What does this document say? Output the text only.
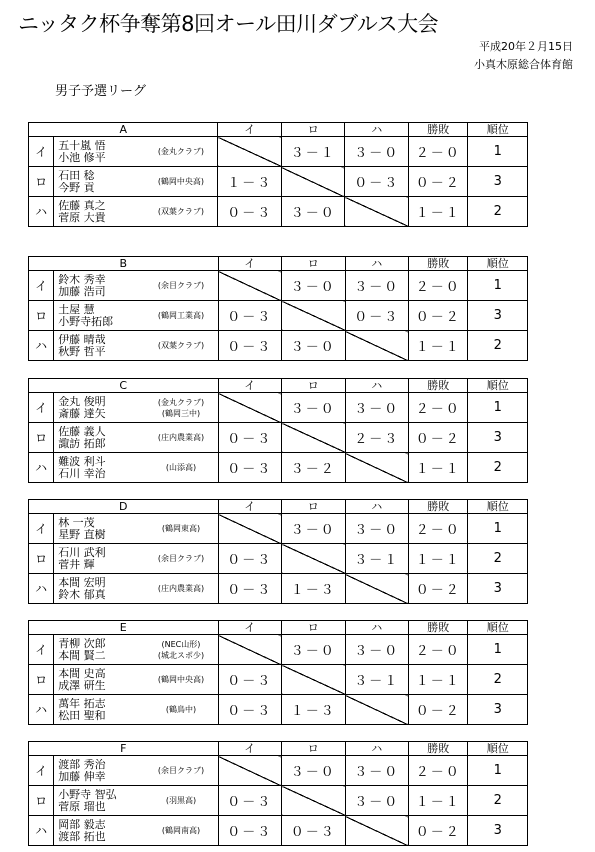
ニッタク杯争奪第8回オール田川ダブルス大会
平成20年２月15日
小真木原総合体育館
男子予選リーグ
A			イ	ロ	ハ	勝敗	順位
イ	五十嵐 悟
小池 修平	(金丸クラブ)		３－１	３－０	２－０	1
ロ	石田 稔
今野 貢	(鶴岡中央高)	１－３		０－３	０－２	3
ハ	佐藤 真之
菅原 大貴	(双葉クラブ)	０－３	３－０		１－１	2
B			イ	ロ	ハ	勝敗	順位
イ	鈴木 秀幸
加藤 浩司	(余目クラブ)		３－０	３－０	２－０	1
ロ	土屋 慧
小野寺拓郎	(鶴岡工業高)	０－３		０－３	０－２	3
ハ	伊藤 晴哉
秋野 哲平	(双葉クラブ)	０－３	３－０		１－１	2
C			イ	ロ	ハ	勝敗	順位
イ	金丸 俊明
斎藤 達矢	(金丸クラブ)
(鶴岡三中)		３－０	３－０	２－０	1
ロ	佐藤 義人
諏訪 拓郎	(庄内農業高)	０－３		２－３	０－２	3
ハ	難波 利斗
石川 幸治	(山添高)	０－３	３－２		１－１	2
D			イ	ロ	ハ	勝敗	順位
イ	林 一茂
星野 直樹	(鶴岡東高)		３－０	３－０	２－０	1
ロ	石川 武利
菅井 輝	(余目クラブ)	０－３		３－１	１－１	2
ハ	本間 宏明
鈴木 郁真	(庄内農業高)	０－３	１－３		０－２	3
E			イ	ロ	ハ	勝敗	順位
イ	青柳 次郎
本間 賢二	(NEC山形)
(城北スポ少)		３－０	３－０	２－０	1
ロ	本間 史高
成澤 研生	(鶴岡中央高)	０－３		３－１	１－１	2
ハ	萬年 拓志
松田 聖和	(鶴鳥中)	０－３	１－３		０－２	3
F			イ	ロ	ハ	勝敗	順位
イ	渡部 秀治
加藤 伸幸	(余目クラブ)		３－０	３－０	２－０	1
ロ	小野寺 智弘
菅原 瑠也	(羽黒高)	０－３		３－０	１－１	2
ハ	岡部 毅志
渡部 拓也	(鶴岡南高)	０－３	０－３		０－２	3
